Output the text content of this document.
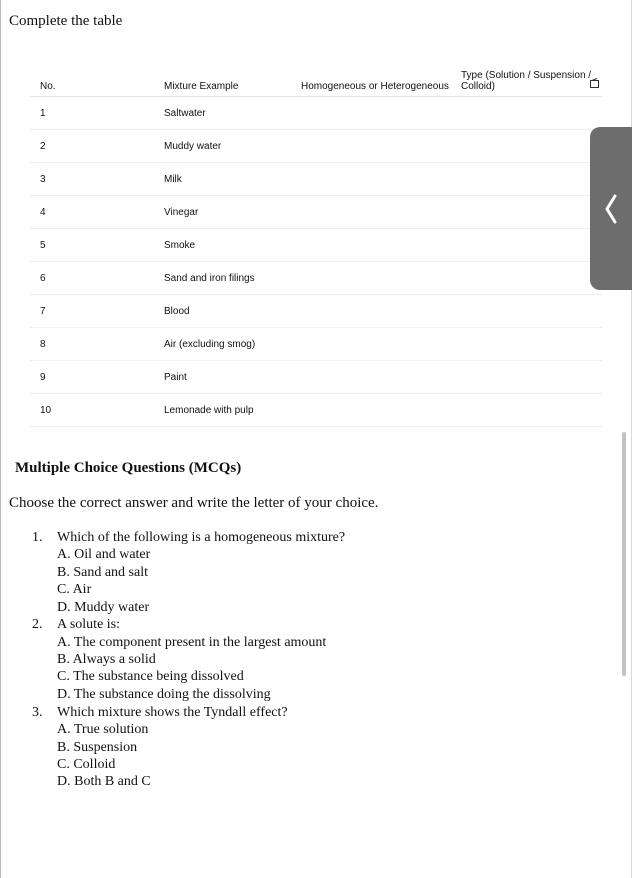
Complete the table
No.	Mixture Example	Homogeneous or Heterogeneous	Type (Solution / Suspension / Colloid)
1	Saltwater		
2	Muddy water		
3	Milk		
4	Vinegar		
5	Smoke		
6	Sand and iron filings		
7	Blood		
8	Air (excluding smog)		
9	Paint		
10	Lemonade with pulp		
Multiple Choice Questions (MCQs)
Choose the correct answer and write the letter of your choice.
1. Which of the following is a homogeneous mixture?
A. Oil and water
B. Sand and salt
C. Air
D. Muddy water
2. A solute is:
A. The component present in the largest amount
B. Always a solid
C. The substance being dissolved
D. The substance doing the dissolving
3. Which mixture shows the Tyndall effect?
A. True solution
B. Suspension
C. Colloid
D. Both B and C
